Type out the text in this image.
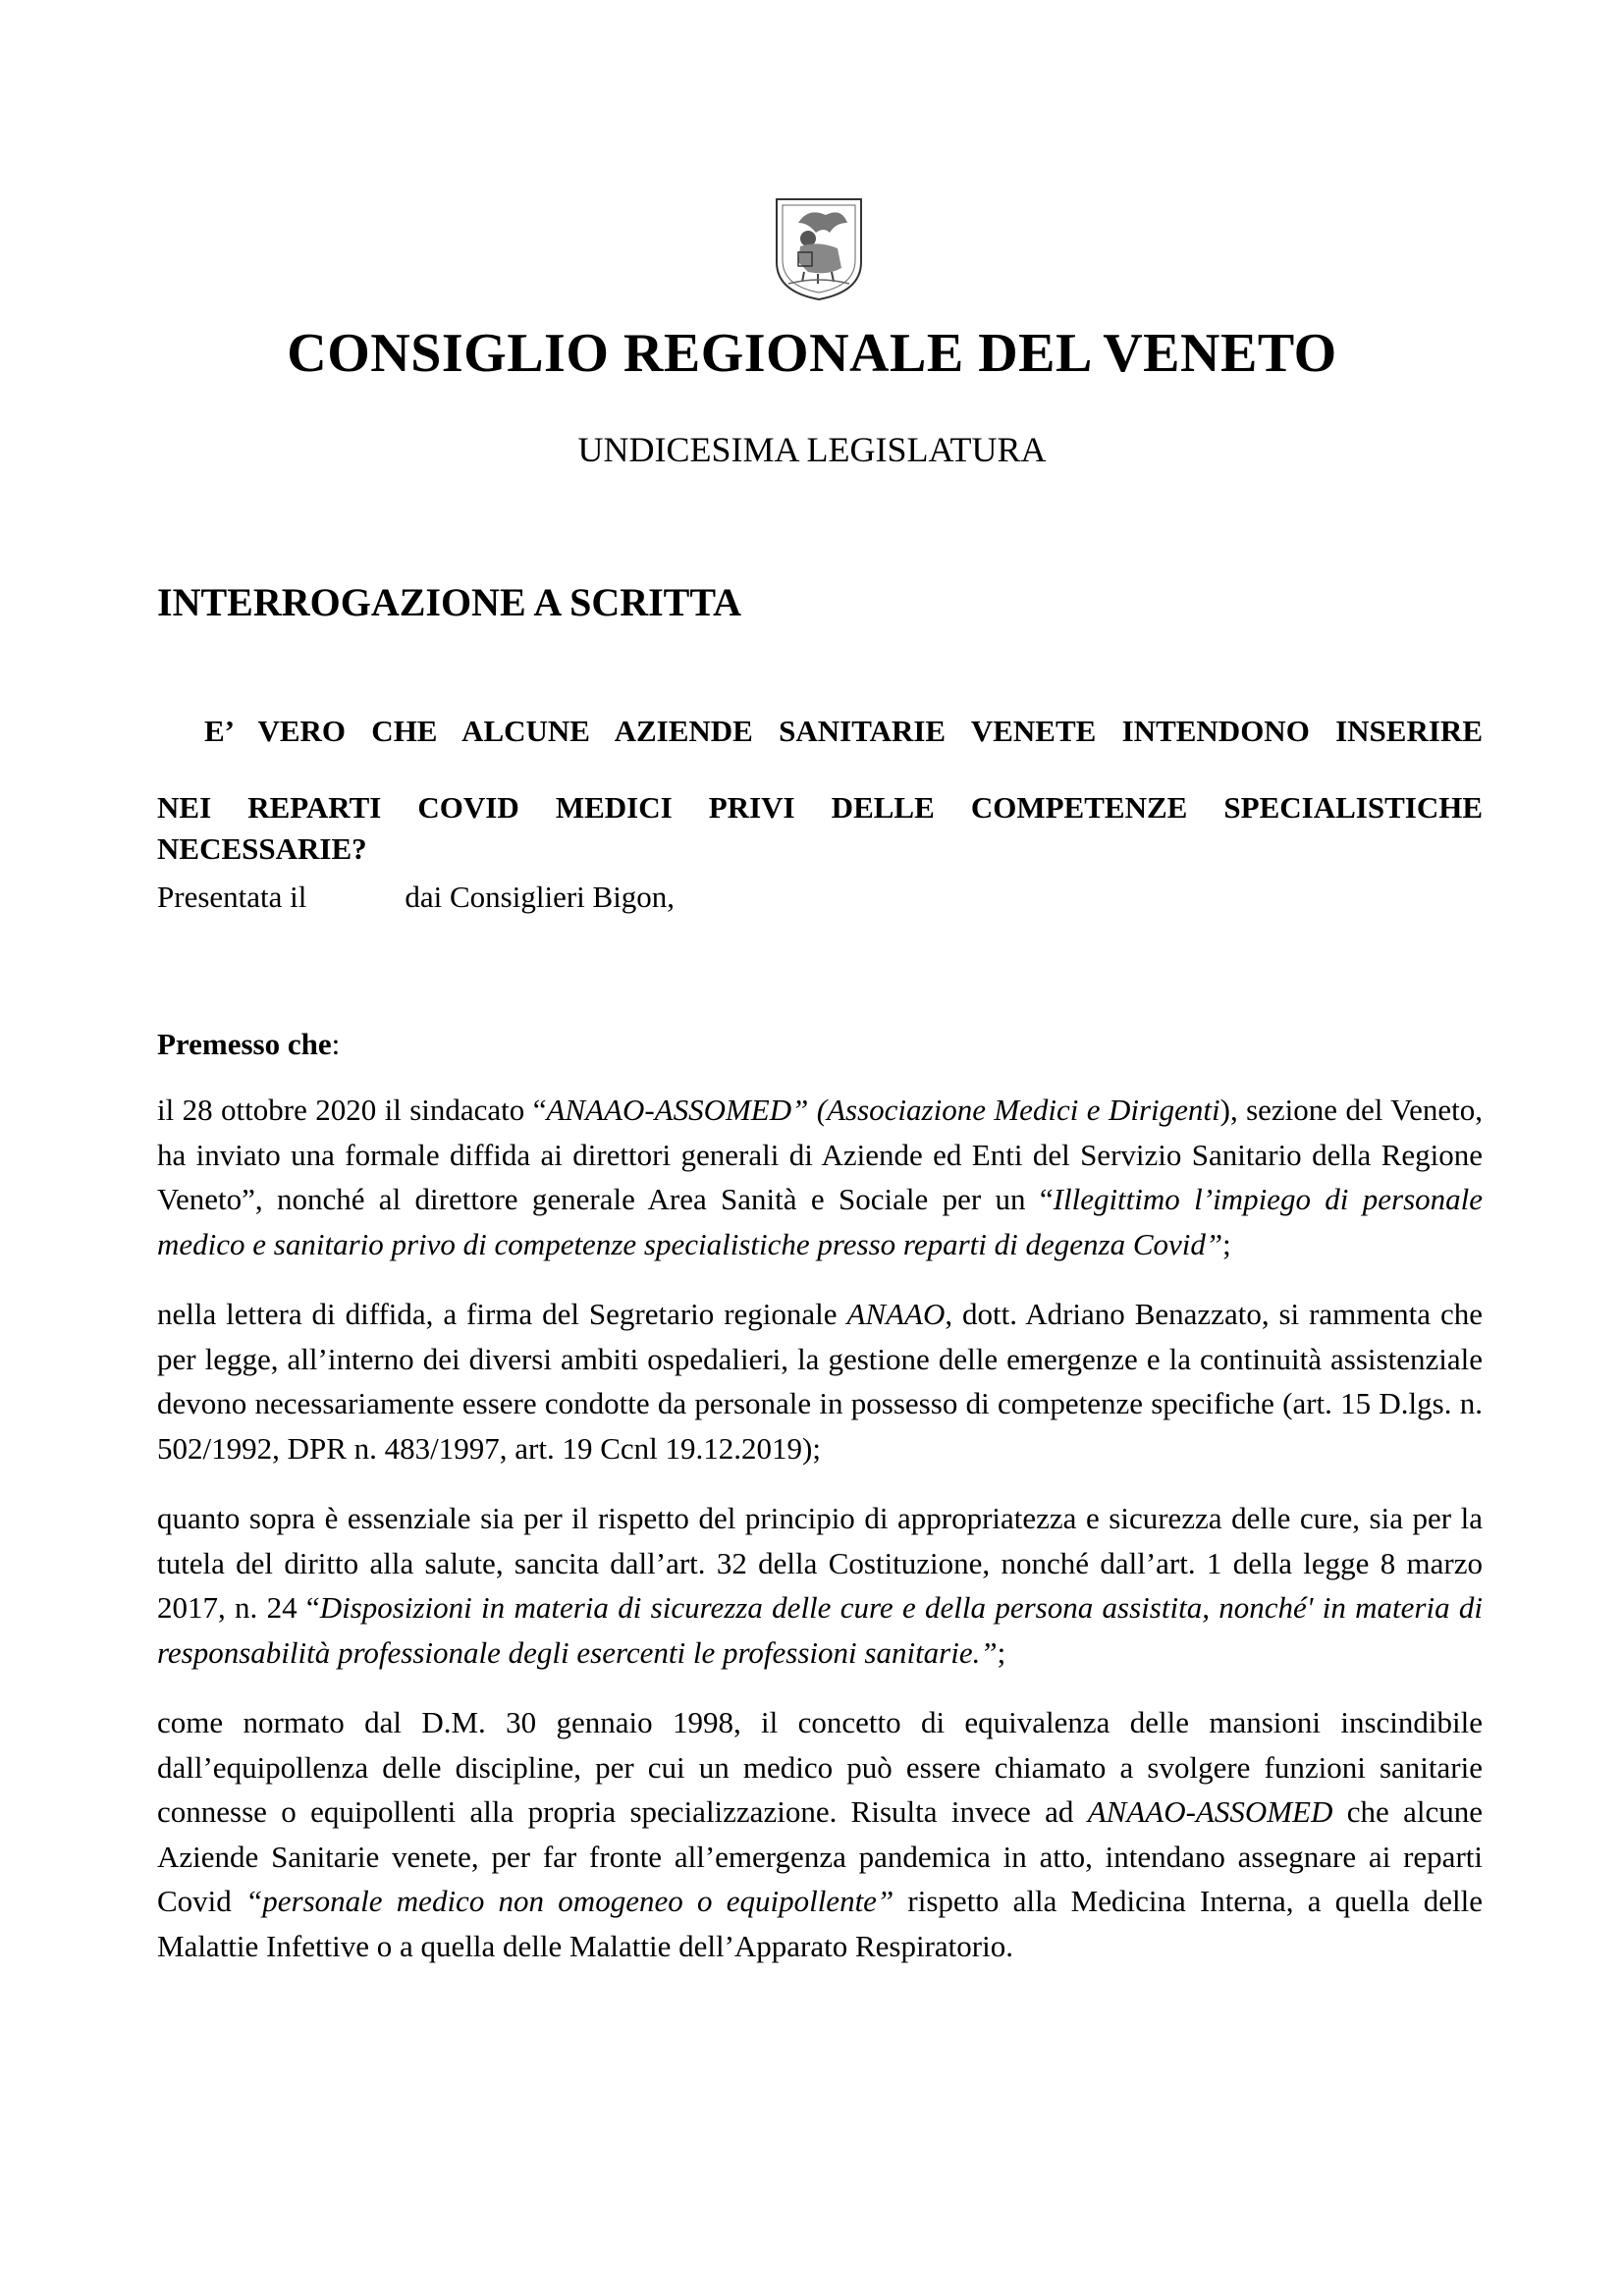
CONSIGLIO REGIONALE DEL VENETO
UNDICESIMA LEGISLATURA
INTERROGAZIONE A SCRITTA
E’ VERO CHE ALCUNE AZIENDE SANITARIE VENETE INTENDONO INSERIRE
NEI REPARTI COVID MEDICI PRIVI DELLE COMPETENZE SPECIALISTICHE
NECESSARIE?
Presentata il	dai Consiglieri Bigon,
Premesso che:

il 28 ottobre 2020 il sindacato “ANAAO-ASSOMED” (Associazione Medici e Dirigenti), sezione del Veneto, ha inviato una formale diffida ai direttori generali di Aziende ed Enti del Servizio Sanitario della Regione Veneto”, nonché al direttore generale Area Sanità e Sociale per un “Illegittimo l’impiego di personale medico e sanitario privo di competenze specialistiche presso reparti di degenza Covid”;

nella lettera di diffida, a firma del Segretario regionale ANAAO, dott. Adriano Benazzato, si rammenta che per legge, all’interno dei diversi ambiti ospedalieri, la gestione delle emergenze e la continuità assistenziale devono necessariamente essere condotte da personale in possesso di competenze specifiche (art. 15 D.lgs. n. 502/1992, DPR n. 483/1997, art. 19 Ccnl 19.12.2019);

quanto sopra è essenziale sia per il rispetto del principio di appropriatezza e sicurezza delle cure, sia per la tutela del diritto alla salute, sancita dall’art. 32 della Costituzione, nonché dall’art. 1 della legge 8 marzo 2017, n. 24 “Disposizioni in materia di sicurezza delle cure e della persona assistita, nonché' in materia di responsabilità professionale degli esercenti le professioni sanitarie.”;

come normato dal D.M. 30 gennaio 1998, il concetto di equivalenza delle mansioni inscindibile dall’equipollenza delle discipline, per cui un medico può essere chiamato a svolgere funzioni sanitarie connesse o equipollenti alla propria specializzazione. Risulta invece ad ANAAO-ASSOMED che alcune Aziende Sanitarie venete, per far fronte all’emergenza pandemica in atto, intendano assegnare ai reparti Covid “personale medico non omogeneo o equipollente” rispetto alla Medicina Interna, a quella delle Malattie Infettive o a quella delle Malattie dell’Apparato Respiratorio.
